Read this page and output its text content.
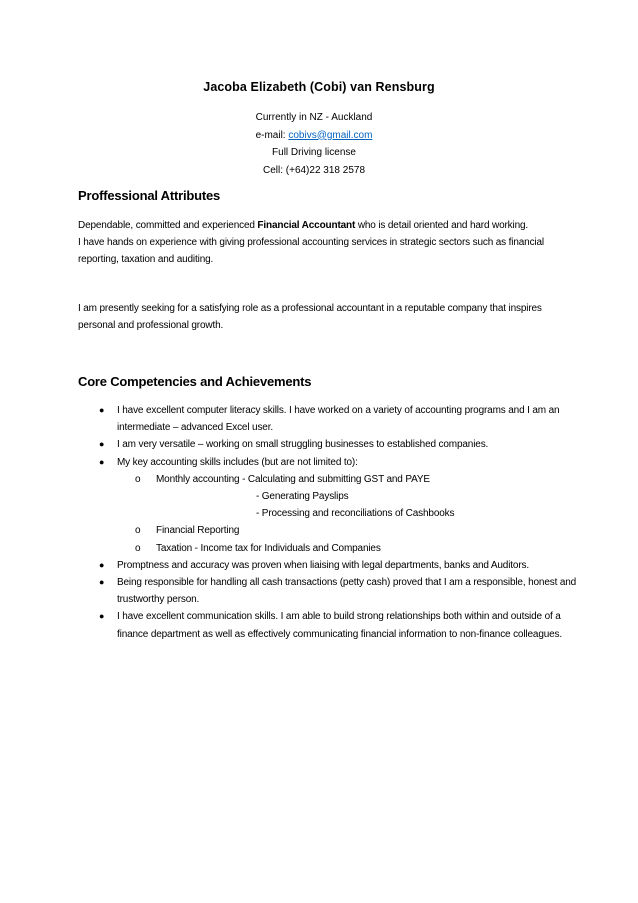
Jacoba Elizabeth (Cobi) van Rensburg
Currently in NZ - Auckland
e-mail: cobivs@gmail.com
Full Driving license
Cell: (+64)22 318 2578
Proffessional Attributes
Dependable, committed and experienced Financial Accountant who is detail oriented and hard working.
I have hands on experience with giving professional accounting services in strategic sectors such as financial reporting, taxation and auditing.
I am presently seeking for a satisfying role as a professional accountant in a reputable company that inspires personal and professional growth.
Core Competencies and Achievements
● I have excellent computer literacy skills. I have worked on a variety of accounting programs and I am an intermediate – advanced Excel user.
● I am very versatile – working on small struggling businesses to established companies.
● My key accounting skills includes (but are not limited to):
o Monthly accounting - Calculating and submitting GST and PAYE
- Generating Payslips
- Processing and reconciliations of Cashbooks
o Financial Reporting
o Taxation - Income tax for Individuals and Companies
● Promptness and accuracy was proven when liaising with legal departments, banks and Auditors.
● Being responsible for handling all cash transactions (petty cash) proved that I am a responsible, honest and trustworthy person.
● I have excellent communication skills. I am able to build strong relationships both within and outside of a finance department as well as effectively communicating financial information to non-finance colleagues.
